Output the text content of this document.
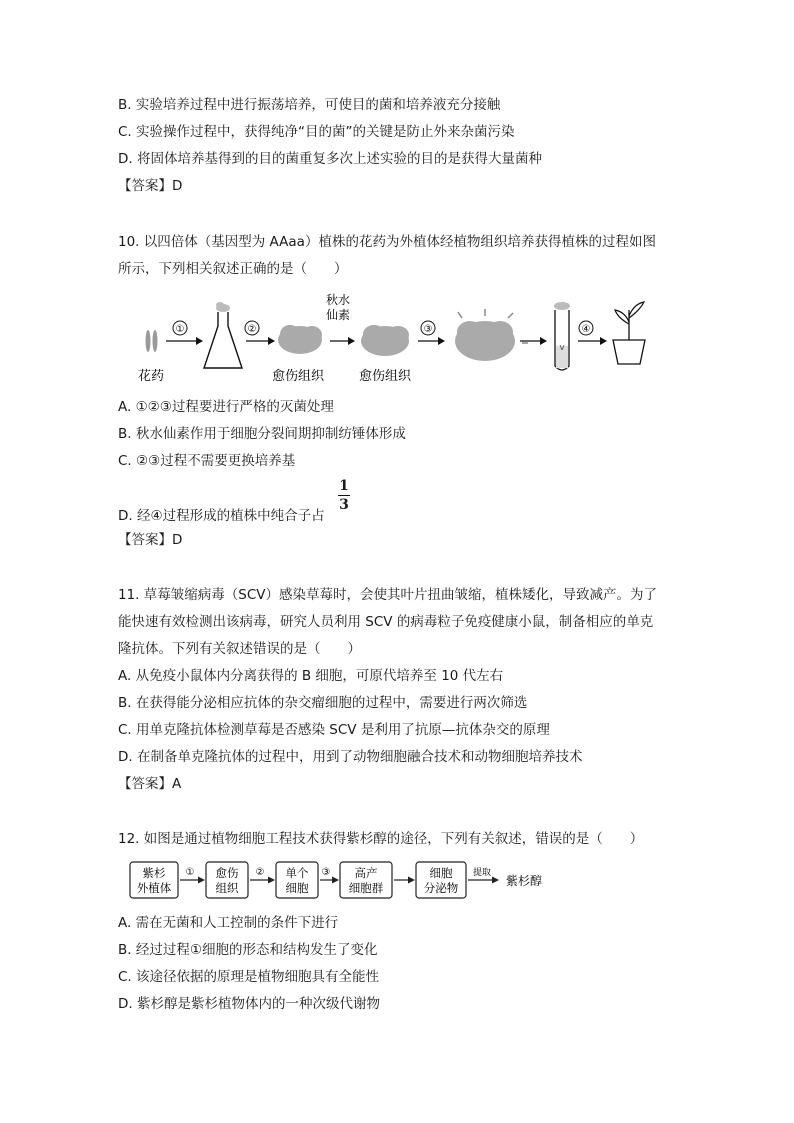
B. 实验培养过程中进行振荡培养，可使目的菌和培养液充分接触
C. 实验操作过程中，获得纯净“目的菌”的关键是防止外来杂菌污染
D. 将固体培养基得到的目的菌重复多次上述实验的目的是获得大量菌种
【答案】D
10. 以四倍体（基因型为 AAaa）植株的花药为外植体经植物组织培养获得植株的过程如图
所示，下列相关叙述正确的是（　　）
①	②
秋水
仙素
③	④
花药	愈伤组织	愈伤组织
A. ①②③过程要进行严格的灭菌处理
B. 秋水仙素作用于细胞分裂间期抑制纺锤体形成
C. ②③过程不需要更换培养基
D. 经④过程形成的植株中纯合子占
1
3
【答案】D
11. 草莓皱缩病毒（SCV）感染草莓时，会使其叶片扭曲皱缩，植株矮化，导致减产。为了
能快速有效检测出该病毒，研究人员利用 SCV 的病毒粒子免疫健康小鼠，制备相应的单克
隆抗体。下列有关叙述错误的是（　　）
A. 从免疫小鼠体内分离获得的 B 细胞，可原代培养至 10 代左右
B. 在获得能分泌相应抗体的杂交瘤细胞的过程中，需要进行两次筛选
C. 用单克隆抗体检测草莓是否感染 SCV 是利用了抗原—抗体杂交的原理
D. 在制备单克隆抗体的过程中，用到了动物细胞融合技术和动物细胞培养技术
【答案】A
12. 如图是通过植物细胞工程技术获得紫杉醇的途径，下列有关叙述，错误的是（　　）
紫杉
外植体
① 愈伤
组织
② 单个
细胞
③ 高产
细胞群
细胞
分泌物
提取
紫杉醇
A. 需在无菌和人工控制的条件下进行
B. 经过过程①细胞的形态和结构发生了变化
C. 该途径依据的原理是植物细胞具有全能性
D. 紫杉醇是紫杉植物体内的一种次级代谢物
